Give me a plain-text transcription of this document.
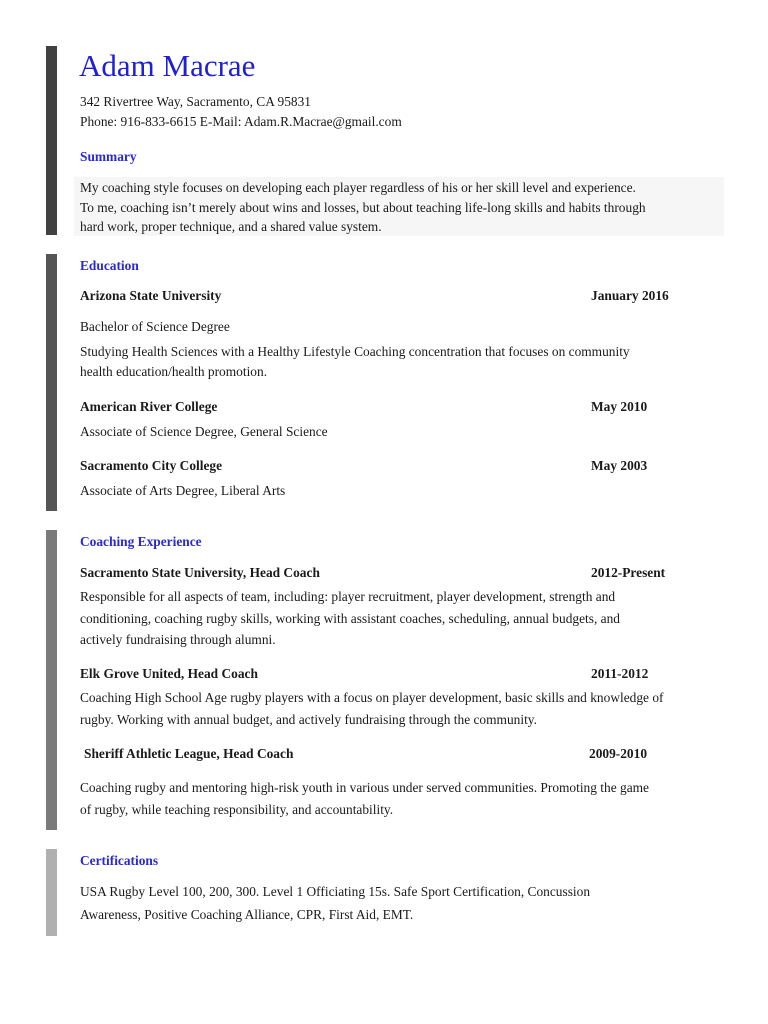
Adam Macrae
342 Rivertree Way, Sacramento, CA 95831
Phone: 916-833-6615 E-Mail: Adam.R.Macrae@gmail.com
Summary
My coaching style focuses on developing each player regardless of his or her skill level and experience.
To me, coaching isn’t merely about wins and losses, but about teaching life-long skills and habits through
hard work, proper technique, and a shared value system.
Education
Arizona State University	January 2016
Bachelor of Science Degree
Studying Health Sciences with a Healthy Lifestyle Coaching concentration that focuses on community
health education/health promotion.
American River College	May 2010
Associate of Science Degree, General Science
Sacramento City College	May 2003
Associate of Arts Degree, Liberal Arts
Coaching Experience
Sacramento State University, Head Coach	2012-Present
Responsible for all aspects of team, including: player recruitment, player development, strength and
conditioning, coaching rugby skills, working with assistant coaches, scheduling, annual budgets, and
actively fundraising through alumni.
Elk Grove United, Head Coach	2011-2012
Coaching High School Age rugby players with a focus on player development, basic skills and knowledge of
rugby. Working with annual budget, and actively fundraising through the community.
Sheriff Athletic League, Head Coach	2009-2010
Coaching rugby and mentoring high-risk youth in various under served communities. Promoting the game
of rugby, while teaching responsibility, and accountability.
Certifications
USA Rugby Level 100, 200, 300. Level 1 Officiating 15s. Safe Sport Certification, Concussion
Awareness, Positive Coaching Alliance, CPR, First Aid, EMT.
